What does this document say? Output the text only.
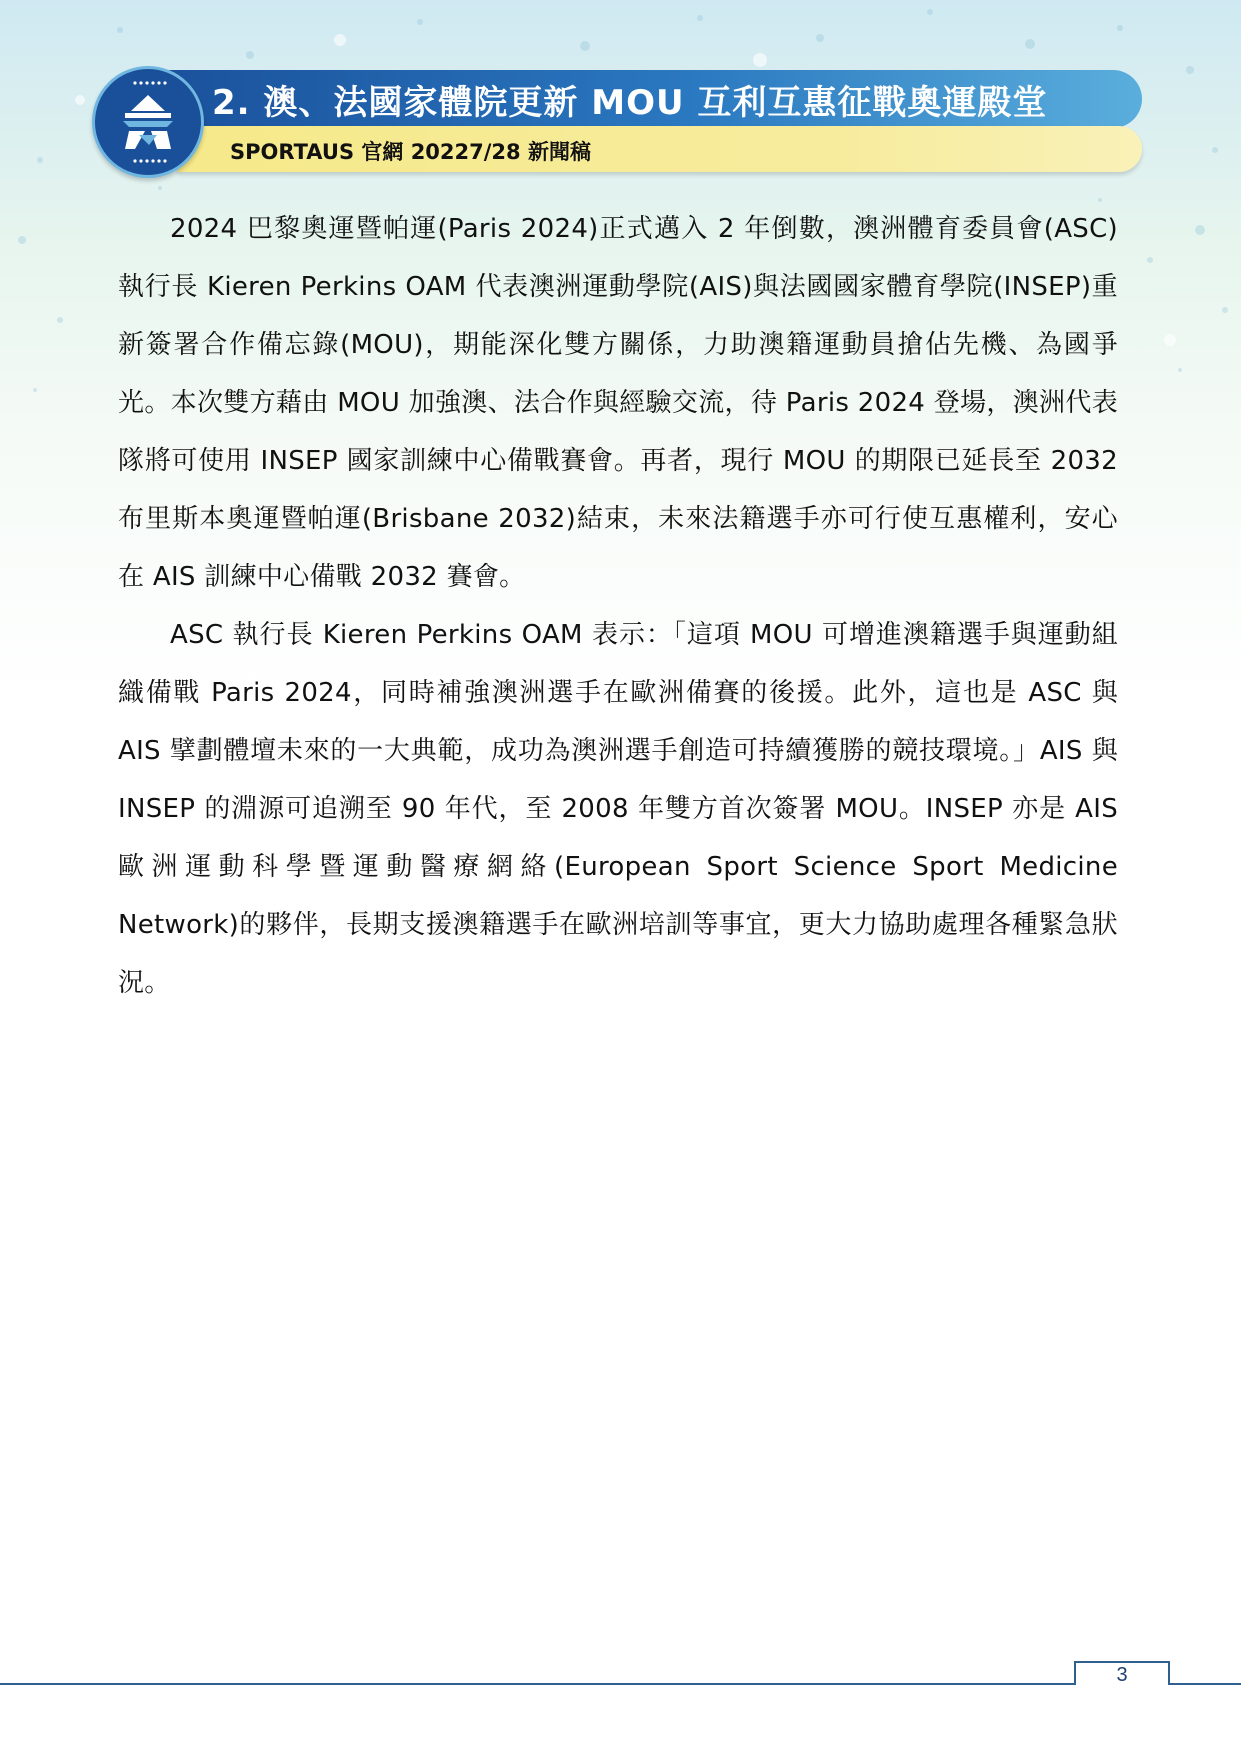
2. 澳、法國家體院更新 MOU 互利互惠征戰奧運殿堂

SPORTAUS 官網 20227/28 新聞稿

2024 巴黎奧運暨帕運(Paris 2024)正式邁入 2 年倒數，澳洲體育委員會(ASC)執行長 Kieren Perkins OAM 代表澳洲運動學院(AIS)與法國國家體育學院(INSEP)重新簽署合作備忘錄(MOU)，期能深化雙方關係，力助澳籍運動員搶佔先機、為國爭光。本次雙方藉由 MOU 加強澳、法合作與經驗交流，待 Paris 2024 登場，澳洲代表隊將可使用 INSEP 國家訓練中心備戰賽會。再者，現行 MOU 的期限已延長至 2032 布里斯本奧運暨帕運(Brisbane 2032)結束，未來法籍選手亦可行使互惠權利，安心在 AIS 訓練中心備戰 2032 賽會。

ASC 執行長 Kieren Perkins OAM 表示：「這項 MOU 可增進澳籍選手與運動組織備戰 Paris 2024，同時補強澳洲選手在歐洲備賽的後援。此外，這也是 ASC 與 AIS 擘劃體壇未來的一大典範，成功為澳洲選手創造可持續獲勝的競技環境。」AIS 與 INSEP 的淵源可追溯至 90 年代，至 2008 年雙方首次簽署 MOU。INSEP 亦是 AIS 歐洲運動科學暨運動醫療網絡(European Sport Science Sport Medicine Network)的夥伴，長期支援澳籍選手在歐洲培訓等事宜，更大力協助處理各種緊急狀況。

3
